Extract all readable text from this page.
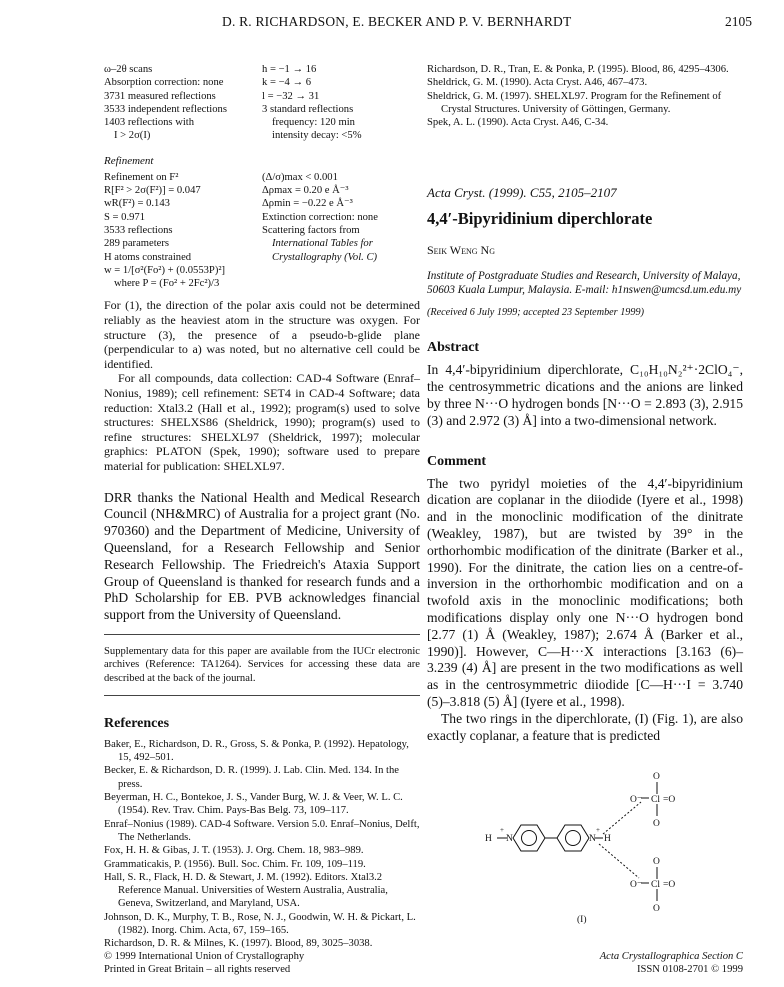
D. R. RICHARDSON, E. BECKER AND P. V. BERNHARDT	2105
ω–2θ scans
Absorption correction: none
3731 measured reflections
3533 independent reflections
1403 reflections with
I > 2σ(I)
h = −1 → 16
k = −4 → 6
l = −32 → 31
3 standard reflections
frequency: 120 min
intensity decay: <5%
Refinement
Refinement on F²
R[F² > 2σ(F²)] = 0.047
wR(F²) = 0.143
S = 0.971
3533 reflections
289 parameters
H atoms constrained
w = 1/[σ²(Fo²) + (0.0553P)²]
where P = (Fo² + 2Fc²)/3
(Δ/σ)max < 0.001
Δρmax = 0.20 e Å⁻³
Δρmin = −0.22 e Å⁻³
Extinction correction: none
Scattering factors from
International Tables for
Crystallography (Vol. C)

For (1), the direction of the polar axis could not be determined reliably as the heaviest atom in the structure was oxygen. For structure (3), the presence of a pseudo-b-glide plane (perpendicular to a) was noted, but no alternative cell could be identified.

For all compounds, data collection: CAD-4 Software (Enraf–Nonius, 1989); cell refinement: SET4 in CAD-4 Software; data reduction: Xtal3.2 (Hall et al., 1992); program(s) used to solve structures: SHELXS86 (Sheldrick, 1990); program(s) used to refine structures: SHELXL97 (Sheldrick, 1997); molecular graphics: PLATON (Spek, 1990); software used to prepare material for publication: SHELXL97.

DRR thanks the National Health and Medical Research Council (NH&MRC) of Australia for a project grant (No. 970360) and the Department of Medicine, University of Queensland, for a Research Fellowship and Senior Research Fellowship. The Friedreich's Ataxia Support Group of Queensland is thanked for research funds and a PhD Scholarship for EB. PVB acknowledges financial support from the University of Queensland.

Supplementary data for this paper are available from the IUCr electronic archives (Reference: TA1264). Services for accessing these data are described at the back of the journal.

References

Baker, E., Richardson, D. R., Gross, S. & Ponka, P. (1992). Hepatology, 15, 492–501.

Becker, E. & Richardson, D. R. (1999). J. Lab. Clin. Med. 134. In the press.

Beyerman, H. C., Bontekoe, J. S., Vander Burg, W. J. & Veer, W. L. C. (1954). Rev. Trav. Chim. Pays-Bas Belg. 73, 109–117.

Enraf–Nonius (1989). CAD-4 Software. Version 5.0. Enraf–Nonius, Delft, The Netherlands.

Fox, H. H. & Gibas, J. T. (1953). J. Org. Chem. 18, 983–989.

Grammaticakis, P. (1956). Bull. Soc. Chim. Fr. 109, 109–119.

Hall, S. R., Flack, H. D. & Stewart, J. M. (1992). Editors. Xtal3.2 Reference Manual. Universities of Western Australia, Australia, Geneva, Switzerland, and Maryland, USA.

Johnson, D. K., Murphy, T. B., Rose, N. J., Goodwin, W. H. & Pickart, L. (1982). Inorg. Chim. Acta, 67, 159–165.

Richardson, D. R. & Milnes, K. (1997). Blood, 89, 3025–3038.

© 1999 International Union of Crystallography
Printed in Great Britain – all rights reserved

Richardson, D. R., Tran, E. & Ponka, P. (1995). Blood, 86, 4295–4306.

Sheldrick, G. M. (1990). Acta Cryst. A46, 467–473.

Sheldrick, G. M. (1997). SHELXL97. Program for the Refinement of Crystal Structures. University of Göttingen, Germany.

Spek, A. L. (1990). Acta Cryst. A46, C-34.

Acta Cryst. (1999). C55, 2105–2107
4,4′-Bipyridinium diperchlorate
Seik Weng Ng
Institute of Postgraduate Studies and Research, University of Malaya, 50603 Kuala Lumpur, Malaysia. E-mail: h1nswen@umcsd.um.edu.my
(Received 6 July 1999; accepted 23 September 1999)
Abstract

In 4,4′-bipyridinium diperchlorate, C₁₀H₁₀N₂²⁺·2ClO₄⁻, the centrosymmetric dications and the anions are linked by three N···O hydrogen bonds [N···O = 2.893 (3), 2.915 (3) and 2.972 (3) Å] into a two-dimensional network.

Comment

The two pyridyl moieties of the 4,4′-bipyridinium dication are coplanar in the diiodide (Iyere et al., 1998) and in the monoclinic modification of the dinitrate (Weakley, 1987), but are twisted by 39° in the orthorhombic modification of the dinitrate (Barker et al., 1990). For the dinitrate, the cation lies on a centre-of-inversion in the orthorhombic modification and on a twofold axis in the monoclinic modifications; both modifications display only one N···O hydrogen bond [2.77 (1) Å (Weakley, 1987); 2.674 Å (Barker et al., 1990)]. However, C—H···X interactions [3.163 (6)–3.239 (4) Å] are present in the two modifications as well as in the centrosymmetric diiodide [C—H···I = 3.740 (5)–3.818 (5) Å] (Iyere et al., 1998).

The two rings in the diperchlorate, (I) (Fig. 1), are also exactly coplanar, a feature that is predicted

H
+
N	N
+
H
O
Cl =O
O⁻
O
O
Cl =O
O⁻
O
(I)
Acta Crystallographica Section C
ISSN 0108-2701 © 1999
